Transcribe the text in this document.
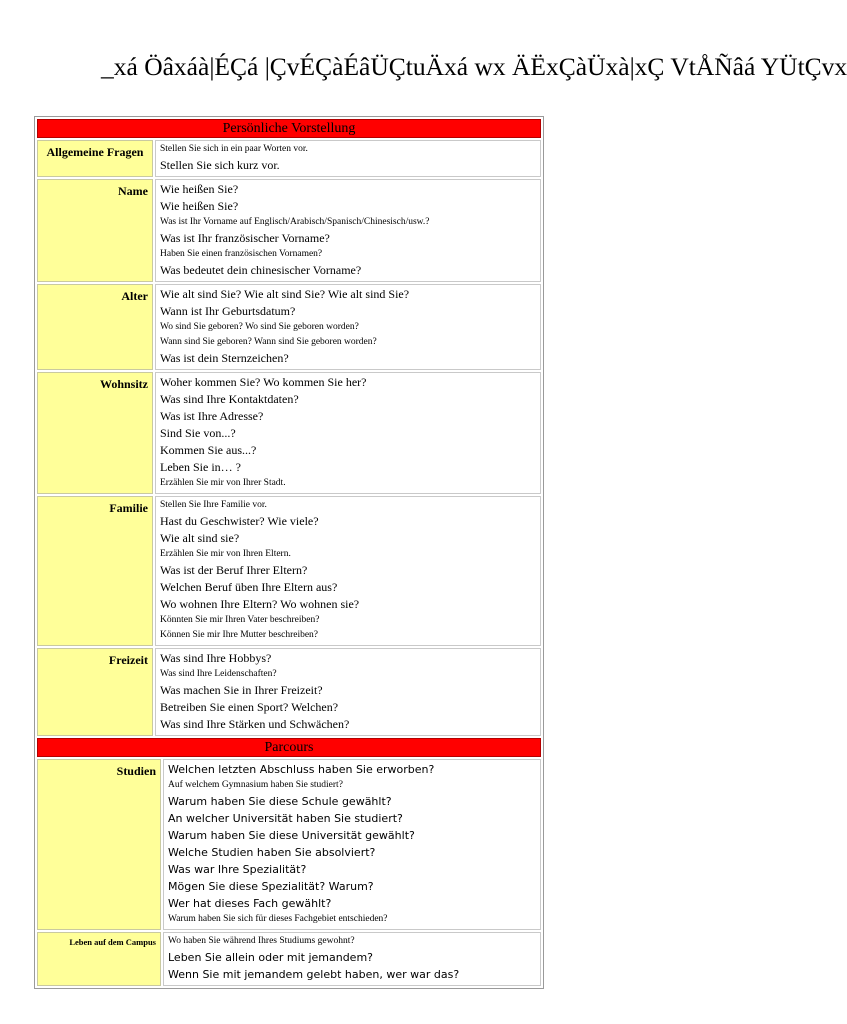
_xá Öâxáà|ÉÇá |ÇvÉÇàÉâÜÇtuÄxá wx ÄËxÇàÜxà|xÇ VtÅÑâá YÜtÇvx
Persönliche Vorstellung
Allgemeine Fragen	Stellen Sie sich in ein paar Worten vor.
Stellen Sie sich kurz vor.
Name	Wie heißen Sie?
Wie heißen Sie?
Was ist Ihr Vorname auf Englisch/Arabisch/Spanisch/Chinesisch/usw.?
Was ist Ihr französischer Vorname?
Haben Sie einen französischen Vornamen?
Was bedeutet dein chinesischer Vorname?
Alter	Wie alt sind Sie? Wie alt sind Sie? Wie alt sind Sie?
Wann ist Ihr Geburtsdatum?
Wo sind Sie geboren? Wo sind Sie geboren worden?
Wann sind Sie geboren? Wann sind Sie geboren worden?
Was ist dein Sternzeichen?
Wohnsitz	Woher kommen Sie? Wo kommen Sie her?
Was sind Ihre Kontaktdaten?
Was ist Ihre Adresse?
Sind Sie von...?
Kommen Sie aus...?
Leben Sie in… ?
Erzählen Sie mir von Ihrer Stadt.
Familie	Stellen Sie Ihre Familie vor.
Hast du Geschwister? Wie viele?
Wie alt sind sie?
Erzählen Sie mir von Ihren Eltern.
Was ist der Beruf Ihrer Eltern?
Welchen Beruf üben Ihre Eltern aus?
Wo wohnen Ihre Eltern? Wo wohnen sie?
Könnten Sie mir Ihren Vater beschreiben?
Können Sie mir Ihre Mutter beschreiben?
Freizeit	Was sind Ihre Hobbys?
Was sind Ihre Leidenschaften?
Was machen Sie in Ihrer Freizeit?
Betreiben Sie einen Sport? Welchen?
Was sind Ihre Stärken und Schwächen?
Parcours
Studien	Welchen letzten Abschluss haben Sie erworben?
Auf welchem Gymnasium haben Sie studiert?
Warum haben Sie diese Schule gewählt?
An welcher Universität haben Sie studiert?
Warum haben Sie diese Universität gewählt?
Welche Studien haben Sie absolviert?
Was war Ihre Spezialität?
Mögen Sie diese Spezialität? Warum?
Wer hat dieses Fach gewählt?
Warum haben Sie sich für dieses Fachgebiet entschieden?
Leben auf dem Campus	Wo haben Sie während Ihres Studiums gewohnt?
Leben Sie allein oder mit jemandem?
Wenn Sie mit jemandem gelebt haben, wer war das?
